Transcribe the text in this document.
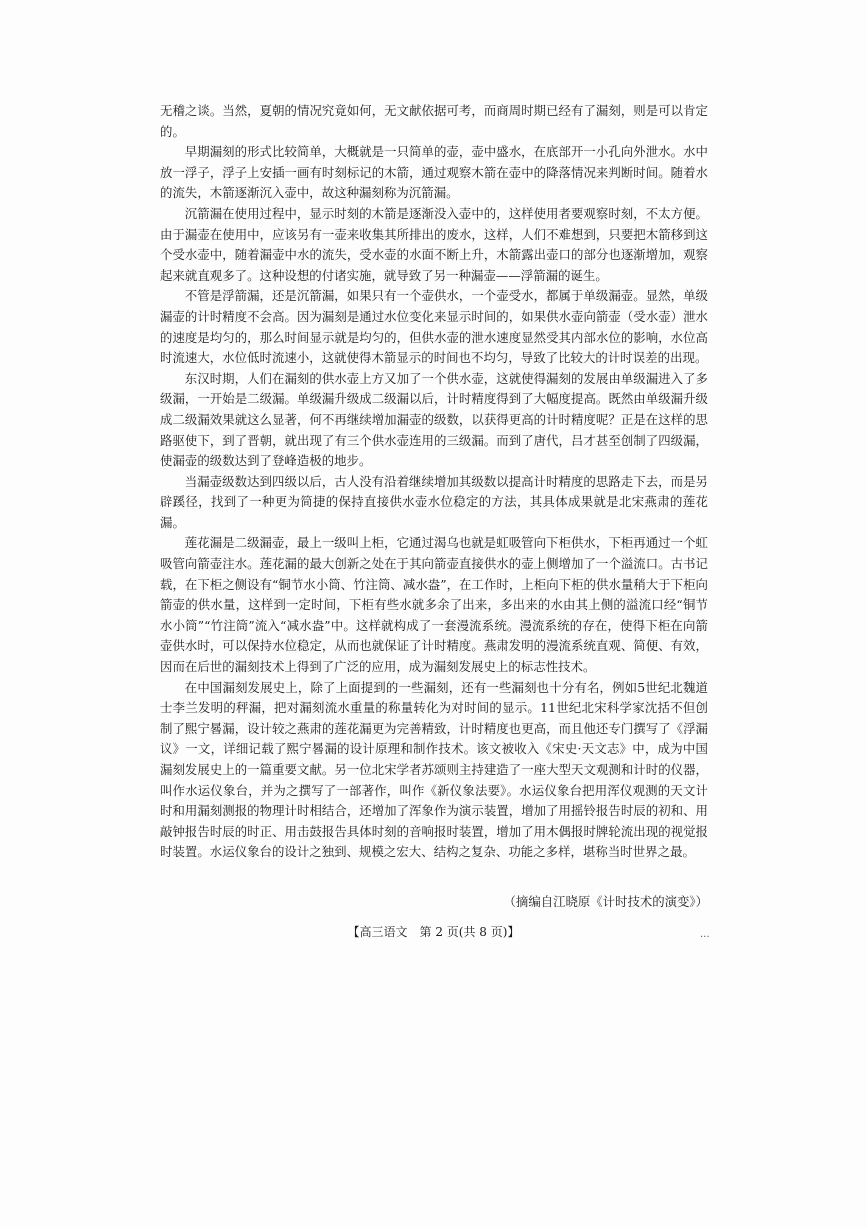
无稽之谈。当然，夏朝的情况究竟如何，无文献依据可考，而商周时期已经有了漏刻，则是可以肯定的。

早期漏刻的形式比较简单，大概就是一只简单的壶，壶中盛水，在底部开一小孔向外泄水。水中放一浮子，浮子上安插一画有时刻标记的木箭，通过观察木箭在壶中的降落情况来判断时间。随着水的流失，木箭逐渐沉入壶中，故这种漏刻称为沉箭漏。

沉箭漏在使用过程中，显示时刻的木箭是逐渐没入壶中的，这样使用者要观察时刻，不太方便。由于漏壶在使用中，应该另有一壶来收集其所排出的废水，这样，人们不难想到，只要把木箭移到这个受水壶中，随着漏壶中水的流失，受水壶的水面不断上升，木箭露出壶口的部分也逐渐增加，观察起来就直观多了。这种设想的付诸实施，就导致了另一种漏壶——浮箭漏的诞生。

不管是浮箭漏，还是沉箭漏，如果只有一个壶供水，一个壶受水，都属于单级漏壶。显然，单级漏壶的计时精度不会高。因为漏刻是通过水位变化来显示时间的，如果供水壶向箭壶（受水壶）泄水的速度是均匀的，那么时间显示就是均匀的，但供水壶的泄水速度显然受其内部水位的影响，水位高时流速大，水位低时流速小，这就使得木箭显示的时间也不均匀，导致了比较大的计时误差的出现。

东汉时期，人们在漏刻的供水壶上方又加了一个供水壶，这就使得漏刻的发展由单级漏进入了多级漏，一开始是二级漏。单级漏升级成二级漏以后，计时精度得到了大幅度提高。既然由单级漏升级成二级漏效果就这么显著，何不再继续增加漏壶的级数，以获得更高的计时精度呢？正是在这样的思路驱使下，到了晋朝，就出现了有三个供水壶连用的三级漏。而到了唐代，吕才甚至创制了四级漏，使漏壶的级数达到了登峰造极的地步。

当漏壶级数达到四级以后，古人没有沿着继续增加其级数以提高计时精度的思路走下去，而是另辟蹊径，找到了一种更为简捷的保持直接供水壶水位稳定的方法，其具体成果就是北宋燕肃的莲花漏。

莲花漏是二级漏壶，最上一级叫上柜，它通过渴乌也就是虹吸管向下柜供水，下柜再通过一个虹吸管向箭壶注水。莲花漏的最大创新之处在于其向箭壶直接供水的壶上侧增加了一个溢流口。古书记载，在下柜之侧设有“铜节水小筒、竹注筒、减水盎”，在工作时，上柜向下柜的供水量稍大于下柜向箭壶的供水量，这样到一定时间，下柜有些水就多余了出来，多出来的水由其上侧的溢流口经“铜节水小筒”“竹注筒”流入“减水盎”中。这样就构成了一套漫流系统。漫流系统的存在，使得下柜在向箭壶供水时，可以保持水位稳定，从而也就保证了计时精度。燕肃发明的漫流系统直观、简便、有效，因而在后世的漏刻技术上得到了广泛的应用，成为漏刻发展史上的标志性技术。

在中国漏刻发展史上，除了上面提到的一些漏刻，还有一些漏刻也十分有名，例如5世纪北魏道士李兰发明的秤漏，把对漏刻流水重量的称量转化为对时间的显示。11世纪北宋科学家沈括不但创制了熙宁晷漏，设计较之燕肃的莲花漏更为完善精致，计时精度也更高，而且他还专门撰写了《浮漏议》一文，详细记载了熙宁晷漏的设计原理和制作技术。该文被收入《宋史·天文志》中，成为中国漏刻发展史上的一篇重要文献。另一位北宋学者苏颂则主持建造了一座大型天文观测和计时的仪器，叫作水运仪象台，并为之撰写了一部著作，叫作《新仪象法要》。水运仪象台把用浑仪观测的天文计时和用漏刻测报的物理计时相结合，还增加了浑象作为演示装置，增加了用摇铃报告时辰的初和、用敲钟报告时辰的时正、用击鼓报告具体时刻的音响报时装置，增加了用木偶报时牌轮流出现的视觉报时装置。水运仪象台的设计之独到、规模之宏大、结构之复杂、功能之多样，堪称当时世界之最。

（摘编自江晓原《计时技术的演变》）
【高三语文　第 2 页(共 8 页)】	...
